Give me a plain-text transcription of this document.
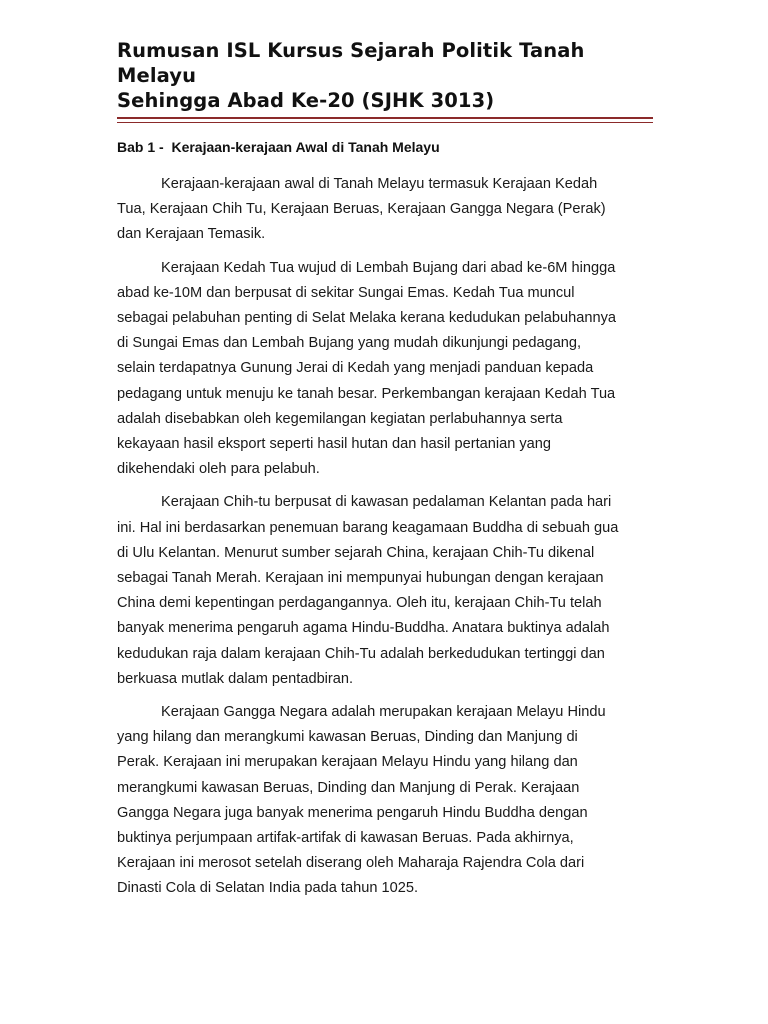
Rumusan ISL Kursus Sejarah Politik Tanah Melayu
Sehingga Abad Ke-20 (SJHK 3013)
Bab 1 -  Kerajaan-kerajaan Awal di Tanah Melayu

Kerajaan-kerajaan awal di Tanah Melayu termasuk Kerajaan Kedah
Tua, Kerajaan Chih Tu, Kerajaan Beruas, Kerajaan Gangga Negara (Perak)
dan Kerajaan Temasik.

Kerajaan Kedah Tua wujud di Lembah Bujang dari abad ke-6M hingga
abad ke-10M dan berpusat di sekitar Sungai Emas. Kedah Tua muncul
sebagai pelabuhan penting di Selat Melaka kerana kedudukan pelabuhannya
di Sungai Emas dan Lembah Bujang yang mudah dikunjungi pedagang,
selain terdapatnya Gunung Jerai di Kedah yang menjadi panduan kepada
pedagang untuk menuju ke tanah besar. Perkembangan kerajaan Kedah Tua
adalah disebabkan oleh kegemilangan kegiatan perlabuhannya serta
kekayaan hasil eksport seperti hasil hutan dan hasil pertanian yang
dikehendaki oleh para pelabuh.

Kerajaan Chih-tu berpusat di kawasan pedalaman Kelantan pada hari
ini. Hal ini berdasarkan penemuan barang keagamaan Buddha di sebuah gua
di Ulu Kelantan. Menurut sumber sejarah China, kerajaan Chih-Tu dikenal
sebagai Tanah Merah. Kerajaan ini mempunyai hubungan dengan kerajaan
China demi kepentingan perdagangannya. Oleh itu, kerajaan Chih-Tu telah
banyak menerima pengaruh agama Hindu-Buddha. Anatara buktinya adalah
kedudukan raja dalam kerajaan Chih-Tu adalah berkedudukan tertinggi dan
berkuasa mutlak dalam pentadbiran.

Kerajaan Gangga Negara adalah merupakan kerajaan Melayu Hindu
yang hilang dan merangkumi kawasan Beruas, Dinding dan Manjung di
Perak. Kerajaan ini merupakan kerajaan Melayu Hindu yang hilang dan
merangkumi kawasan Beruas, Dinding dan Manjung di Perak. Kerajaan
Gangga Negara juga banyak menerima pengaruh Hindu Buddha dengan
buktinya perjumpaan artifak-artifak di kawasan Beruas. Pada akhirnya,
Kerajaan ini merosot setelah diserang oleh Maharaja Rajendra Cola dari
Dinasti Cola di Selatan India pada tahun 1025.
